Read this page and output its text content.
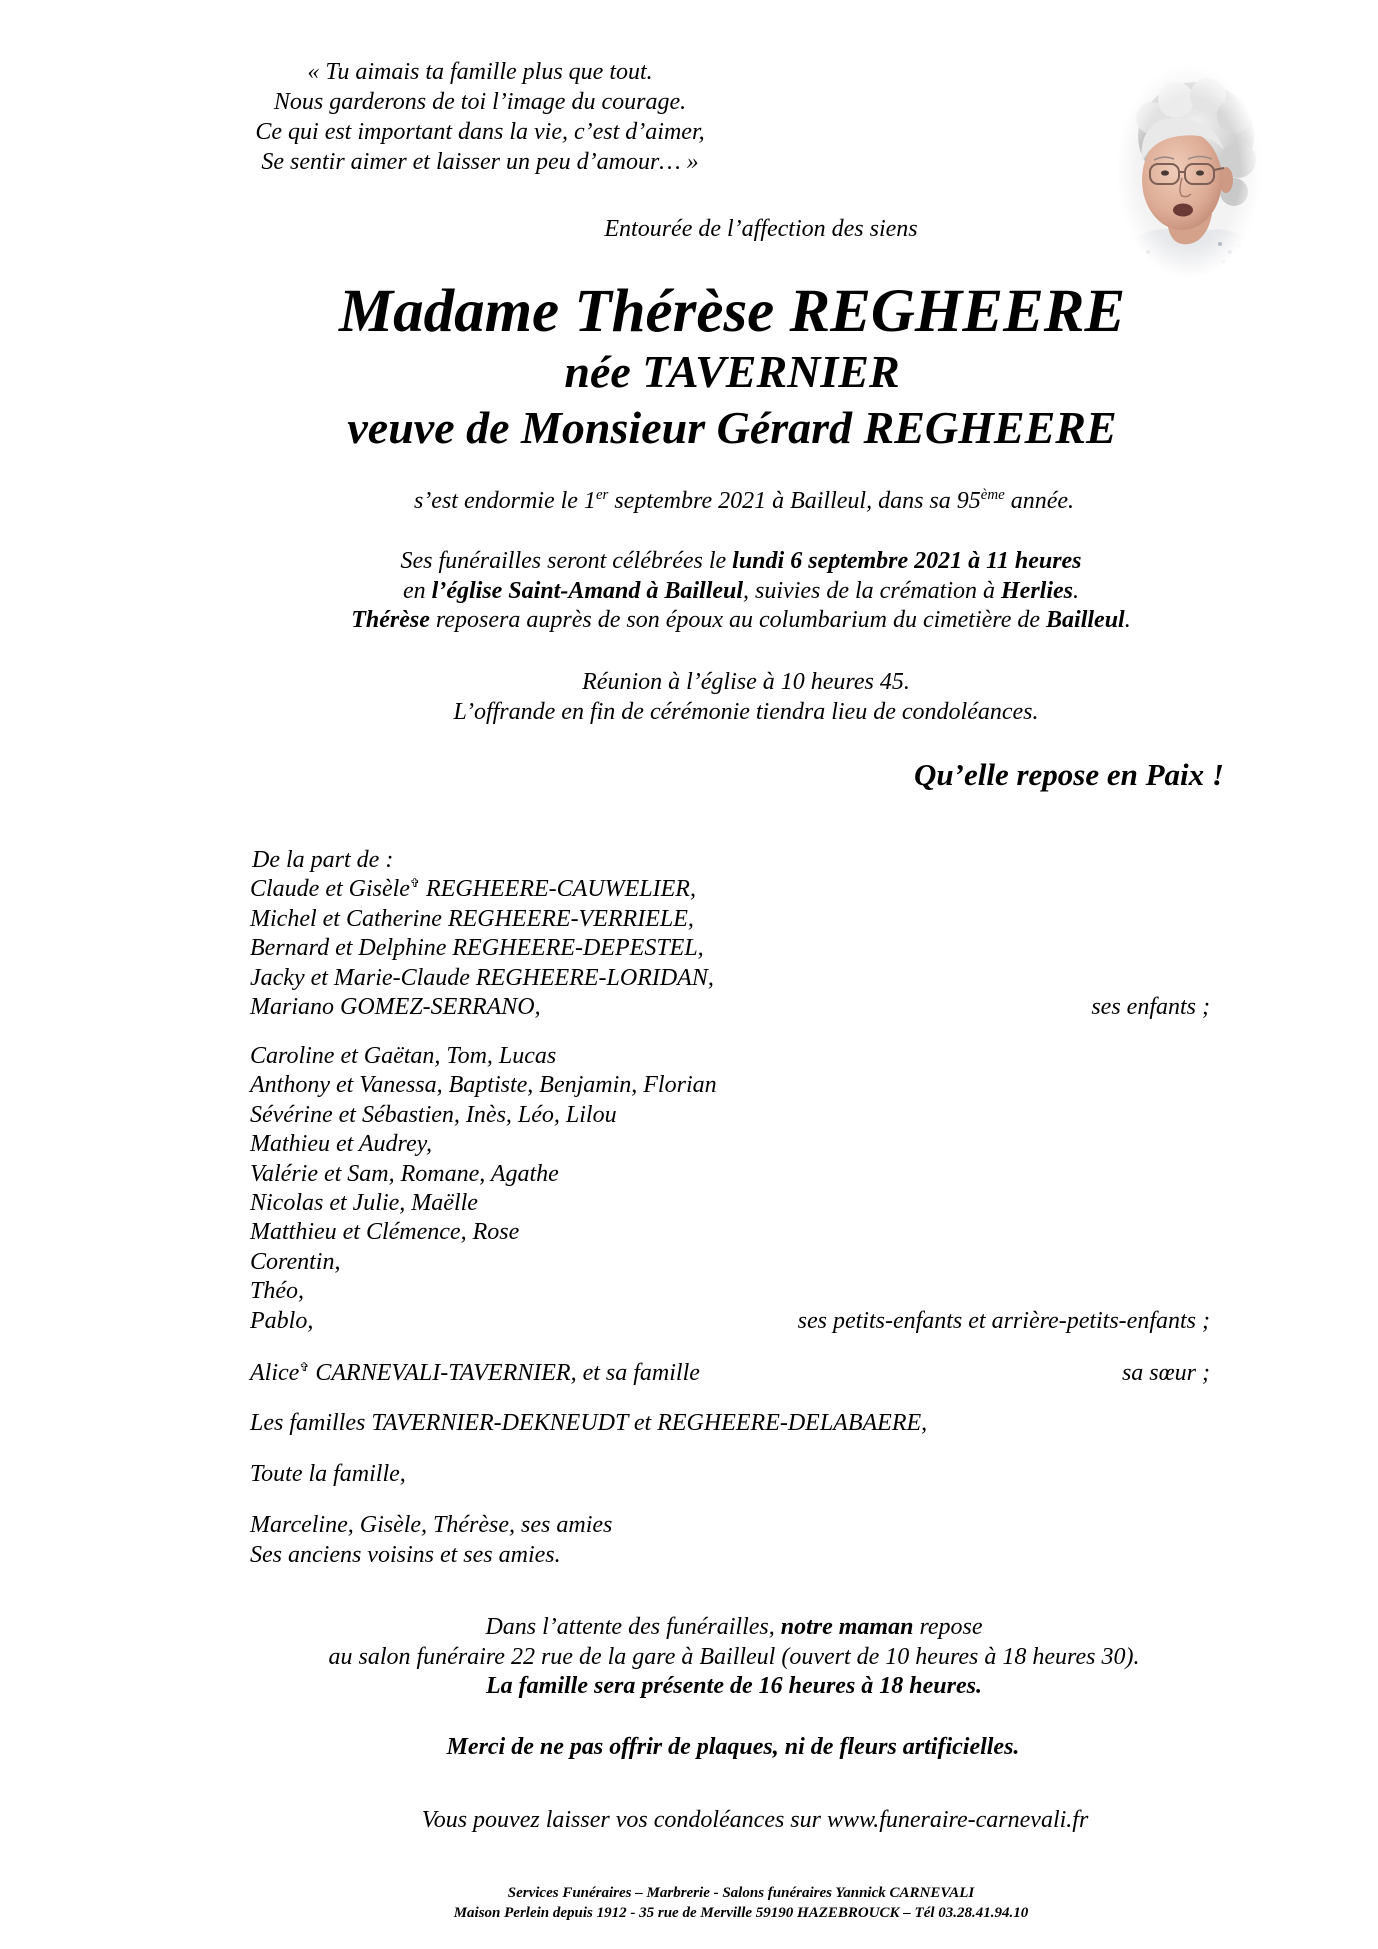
« Tu aimais ta famille plus que tout.
Nous garderons de toi l’image du courage.
Ce qui est important dans la vie, c’est d’aimer,
Se sentir aimer et laisser un peu d’amour… »
Entourée de l’affection des siens
Madame Thérèse REGHEERE
née TAVERNIER
veuve de Monsieur Gérard REGHEERE
s’est endormie le 1er septembre 2021 à Bailleul, dans sa 95ème année.
Ses funérailles seront célébrées le lundi 6 septembre 2021 à 11 heures
en l’église Saint-Amand à Bailleul, suivies de la crémation à Herlies.
Thérèse reposera auprès de son époux au columbarium du cimetière de Bailleul.
Réunion à l’église à 10 heures 45.
L’offrande en fin de cérémonie tiendra lieu de condoléances.
Qu’elle repose en Paix !
De la part de :
Claude et Gisèle✞ REGHEERE-CAUWELIER,
Michel et Catherine REGHEERE-VERRIELE,
Bernard et Delphine REGHEERE-DEPESTEL,
Jacky et Marie-Claude REGHEERE-LORIDAN,
Mariano GOMEZ-SERRANO,	ses enfants ;
Caroline et Gaëtan, Tom, Lucas
Anthony et Vanessa, Baptiste, Benjamin, Florian
Sévérine et Sébastien, Inès, Léo, Lilou
Mathieu et Audrey,
Valérie et Sam, Romane, Agathe
Nicolas et Julie, Maëlle
Matthieu et Clémence, Rose
Corentin,
Théo,
Pablo,	ses petits-enfants et arrière-petits-enfants ;
Alice✞ CARNEVALI-TAVERNIER, et sa famille	sa sœur ;
Les familles TAVERNIER-DEKNEUDT et REGHEERE-DELABAERE,
Toute la famille,
Marceline, Gisèle, Thérèse, ses amies
Ses anciens voisins et ses amies.
Dans l’attente des funérailles, notre maman repose
au salon funéraire 22 rue de la gare à Bailleul (ouvert de 10 heures à 18 heures 30).
La famille sera présente de 16 heures à 18 heures.
Merci de ne pas offrir de plaques, ni de fleurs artificielles.
Vous pouvez laisser vos condoléances sur www.funeraire-carnevali.fr
Services Funéraires – Marbrerie - Salons funéraires Yannick CARNEVALI
Maison Perlein depuis 1912 - 35 rue de Merville 59190 HAZEBROUCK – Tél 03.28.41.94.10
